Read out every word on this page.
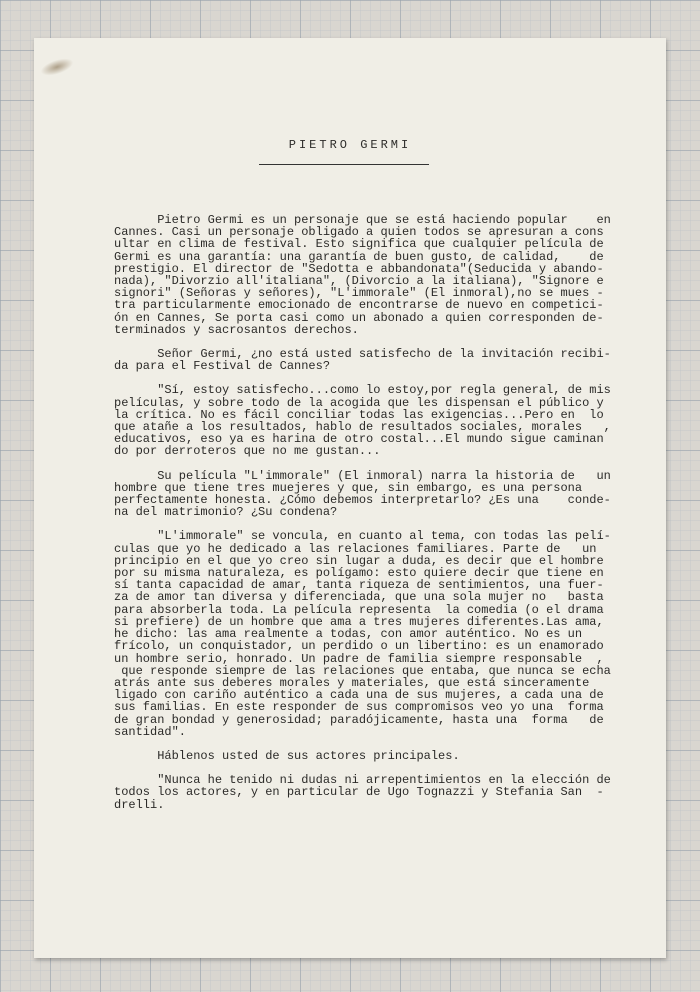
PIETRO GERMI
Pietro Germi es un personaje que se está haciendo popular    en
Cannes. Casi un personaje obligado a quien todos se apresuran a cons
ultar en clima de festival. Esto significa que cualquier película de
Germi es una garantía: una garantía de buen gusto, de calidad,    de
prestigio. El director de "Sedotta e abbandonata"(Seducida y abando-
nada), "Divorzio all'italiana", (Divorcio a la italiana), "Signore e
signori" (Señoras y señores), "L'immorale" (El inmoral),no se mues -
tra particularmente emocionado de encontrarse de nuevo en competici-
ón en Cannes, Se porta casi como un abonado a quien corresponden de-
terminados y sacrosantos derechos.
Señor Germi, ¿no está usted satisfecho de la invitación recibi-
da para el Festival de Cannes?
"Sí, estoy satisfecho...como lo estoy,por regla general, de mis
películas, y sobre todo de la acogida que les dispensan el público y
la crítica. No es fácil conciliar todas las exigencias...Pero en  lo
que atañe a los resultados, hablo de resultados sociales, morales   ,
educativos, eso ya es harina de otro costal...El mundo sigue caminan
do por derroteros que no me gustan...
Su película "L'immorale" (El inmoral) narra la historia de   un
hombre que tiene tres muejeres y que, sin embargo, es una persona
perfectamente honesta. ¿Cómo debemos interpretarlo? ¿Es una    conde-
na del matrimonio? ¿Su condena?
"L'immorale" se voncula, en cuanto al tema, con todas las pelí-
culas que yo he dedicado a las relaciones familiares. Parte de   un
principio en el que yo creo sin lugar a duda, es decir que el hombre
por su misma naturaleza, es polígamo: esto quiere decir que tiene en
sí tanta capacidad de amar, tanta riqueza de sentimientos, una fuer-
za de amor tan diversa y diferenciada, que una sola mujer no   basta
para absorberla toda. La película representa  la comedia (o el drama
si prefiere) de un hombre que ama a tres mujeres diferentes.Las ama,
he dicho: las ama realmente a todas, con amor auténtico. No es un
frícolo, un conquistador, un perdido o un libertino: es un enamorado
un hombre serio, honrado. Un padre de familia siempre responsable  ,
que responde siempre de las relaciones que entaba, que nunca se echa
atrás ante sus deberes morales y materiales, que está sinceramente
ligado con cariño auténtico a cada una de sus mujeres, a cada una de
sus familias. En este responder de sus compromisos veo yo una  forma
de gran bondad y generosidad; paradójicamente, hasta una  forma   de
santidad".
Háblenos usted de sus actores principales.
"Nunca he tenido ni dudas ni arrepentimientos en la elección de
todos los actores, y en particular de Ugo Tognazzi y Stefania San  -
drelli.
